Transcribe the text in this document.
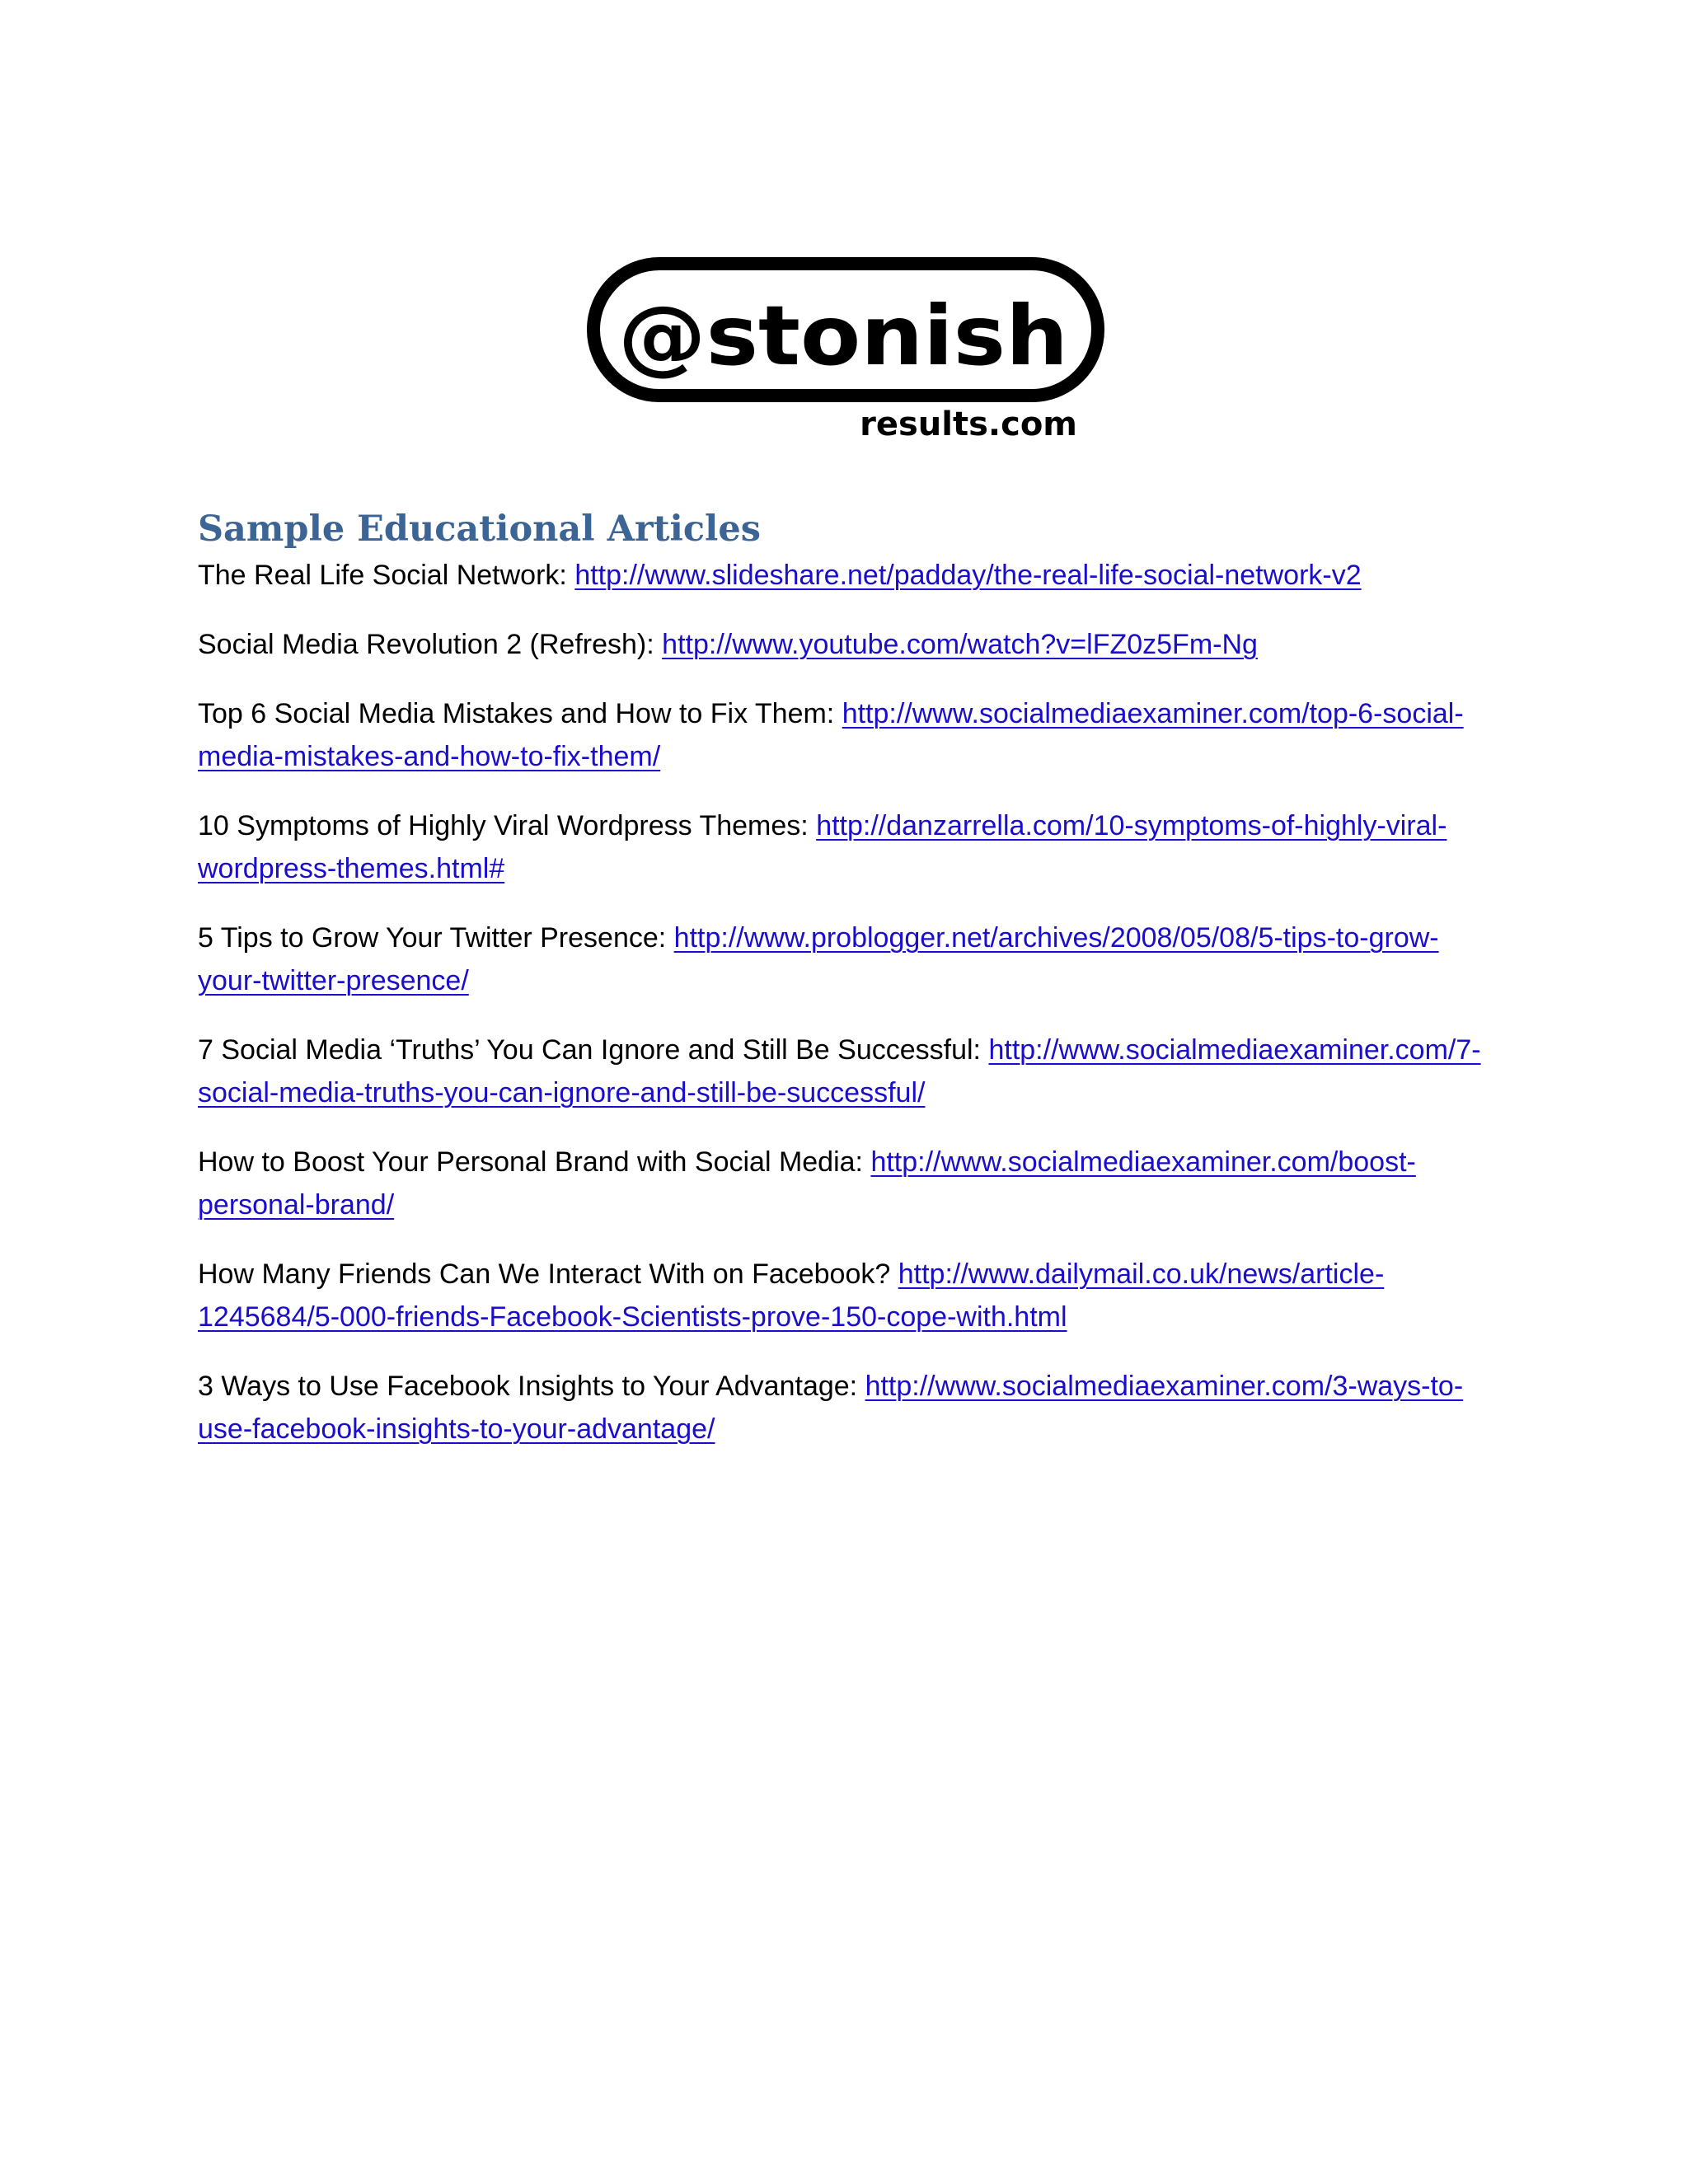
@stonish
results.com
Sample Educational Articles

The Real Life Social Network: http://www.slideshare.net/padday/the-real-life-social-network-v2

Social Media Revolution 2 (Refresh): http://www.youtube.com/watch?v=lFZ0z5Fm-Ng

Top 6 Social Media Mistakes and How to Fix Them: http://www.socialmediaexaminer.com/top-6-social-
media-mistakes-and-how-to-fix-them/

10 Symptoms of Highly Viral Wordpress Themes: http://danzarrella.com/10-symptoms-of-highly-viral-
wordpress-themes.html#

5 Tips to Grow Your Twitter Presence: http://www.problogger.net/archives/2008/05/08/5-tips-to-grow-
your-twitter-presence/

7 Social Media ‘Truths’ You Can Ignore and Still Be Successful: http://www.socialmediaexaminer.com/7-
social-media-truths-you-can-ignore-and-still-be-successful/

How to Boost Your Personal Brand with Social Media: http://www.socialmediaexaminer.com/boost-
personal-brand/

How Many Friends Can We Interact With on Facebook? http://www.dailymail.co.uk/news/article-
1245684/5-000-friends-Facebook-Scientists-prove-150-cope-with.html

3 Ways to Use Facebook Insights to Your Advantage: http://www.socialmediaexaminer.com/3-ways-to-
use-facebook-insights-to-your-advantage/
